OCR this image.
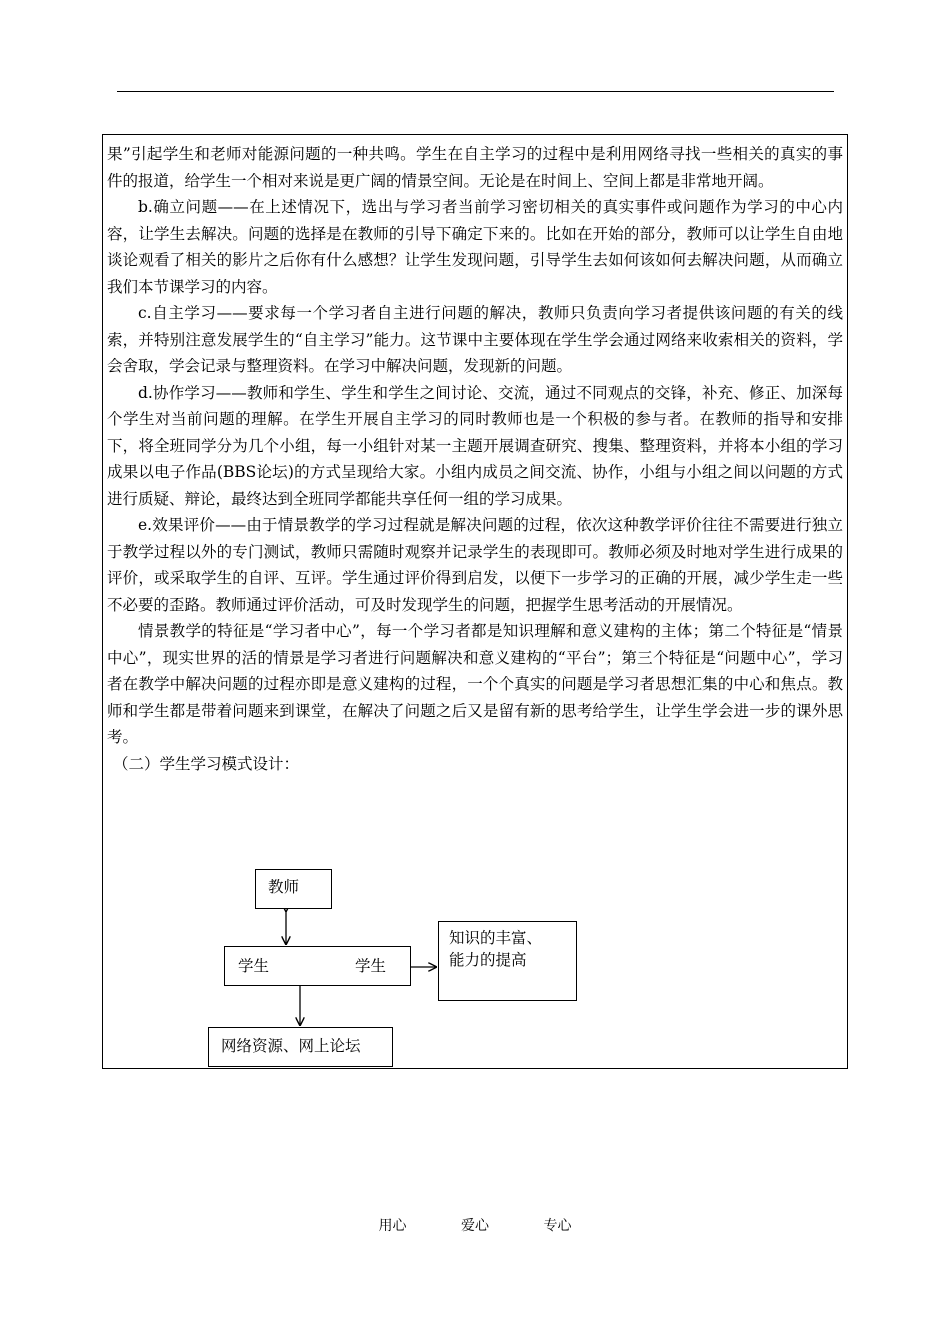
果”引起学生和老师对能源问题的一种共鸣。学生在自主学习的过程中是利用网络寻找一些相关的真实的事件的报道，给学生一个相对来说是更广阔的情景空间。无论是在时间上、空间上都是非常地开阔。

b.确立问题——在上述情况下，选出与学习者当前学习密切相关的真实事件或问题作为学习的中心内容，让学生去解决。问题的选择是在教师的引导下确定下来的。比如在开始的部分，教师可以让学生自由地谈论观看了相关的影片之后你有什么感想？让学生发现问题，引导学生去如何该如何去解决问题，从而确立我们本节课学习的内容。

c.自主学习——要求每一个学习者自主进行问题的解决，教师只负责向学习者提供该问题的有关的线索，并特别注意发展学生的“自主学习”能力。这节课中主要体现在学生学会通过网络来收索相关的资料，学会舍取，学会记录与整理资料。在学习中解决问题，发现新的问题。

d.协作学习——教师和学生、学生和学生之间讨论、交流，通过不同观点的交锋，补充、修正、加深每个学生对当前问题的理解。在学生开展自主学习的同时教师也是一个积极的参与者。在教师的指导和安排下，将全班同学分为几个小组，每一小组针对某一主题开展调查研究、搜集、整理资料，并将本小组的学习成果以电子作品(BBS论坛)的方式呈现给大家。小组内成员之间交流、协作，小组与小组之间以问题的方式进行质疑、辩论，最终达到全班同学都能共享任何一组的学习成果。

e.效果评价——由于情景教学的学习过程就是解决问题的过程，依次这种教学评价往往不需要进行独立于教学过程以外的专门测试，教师只需随时观察并记录学生的表现即可。教师必须及时地对学生进行成果的评价，或采取学生的自评、互评。学生通过评价得到启发，以便下一步学习的正确的开展，减少学生走一些不必要的歪路。教师通过评价活动，可及时发现学生的问题，把握学生思考活动的开展情况。

情景教学的特征是“学习者中心”，每一个学习者都是知识理解和意义建构的主体；第二个特征是“情景中心”，现实世界的活的情景是学习者进行问题解决和意义建构的“平台”；第三个特征是“问题中心”，学习者在教学中解决问题的过程亦即是意义建构的过程，一个个真实的问题是学习者思想汇集的中心和焦点。教师和学生都是带着问题来到课堂，在解决了问题之后又是留有新的思考给学生，让学生学会进一步的课外思考。

（二）学生学习模式设计：

教师
学生	学生
知识的丰富、
能力的提高
网络资源、网上论坛
用心	爱心	专心
